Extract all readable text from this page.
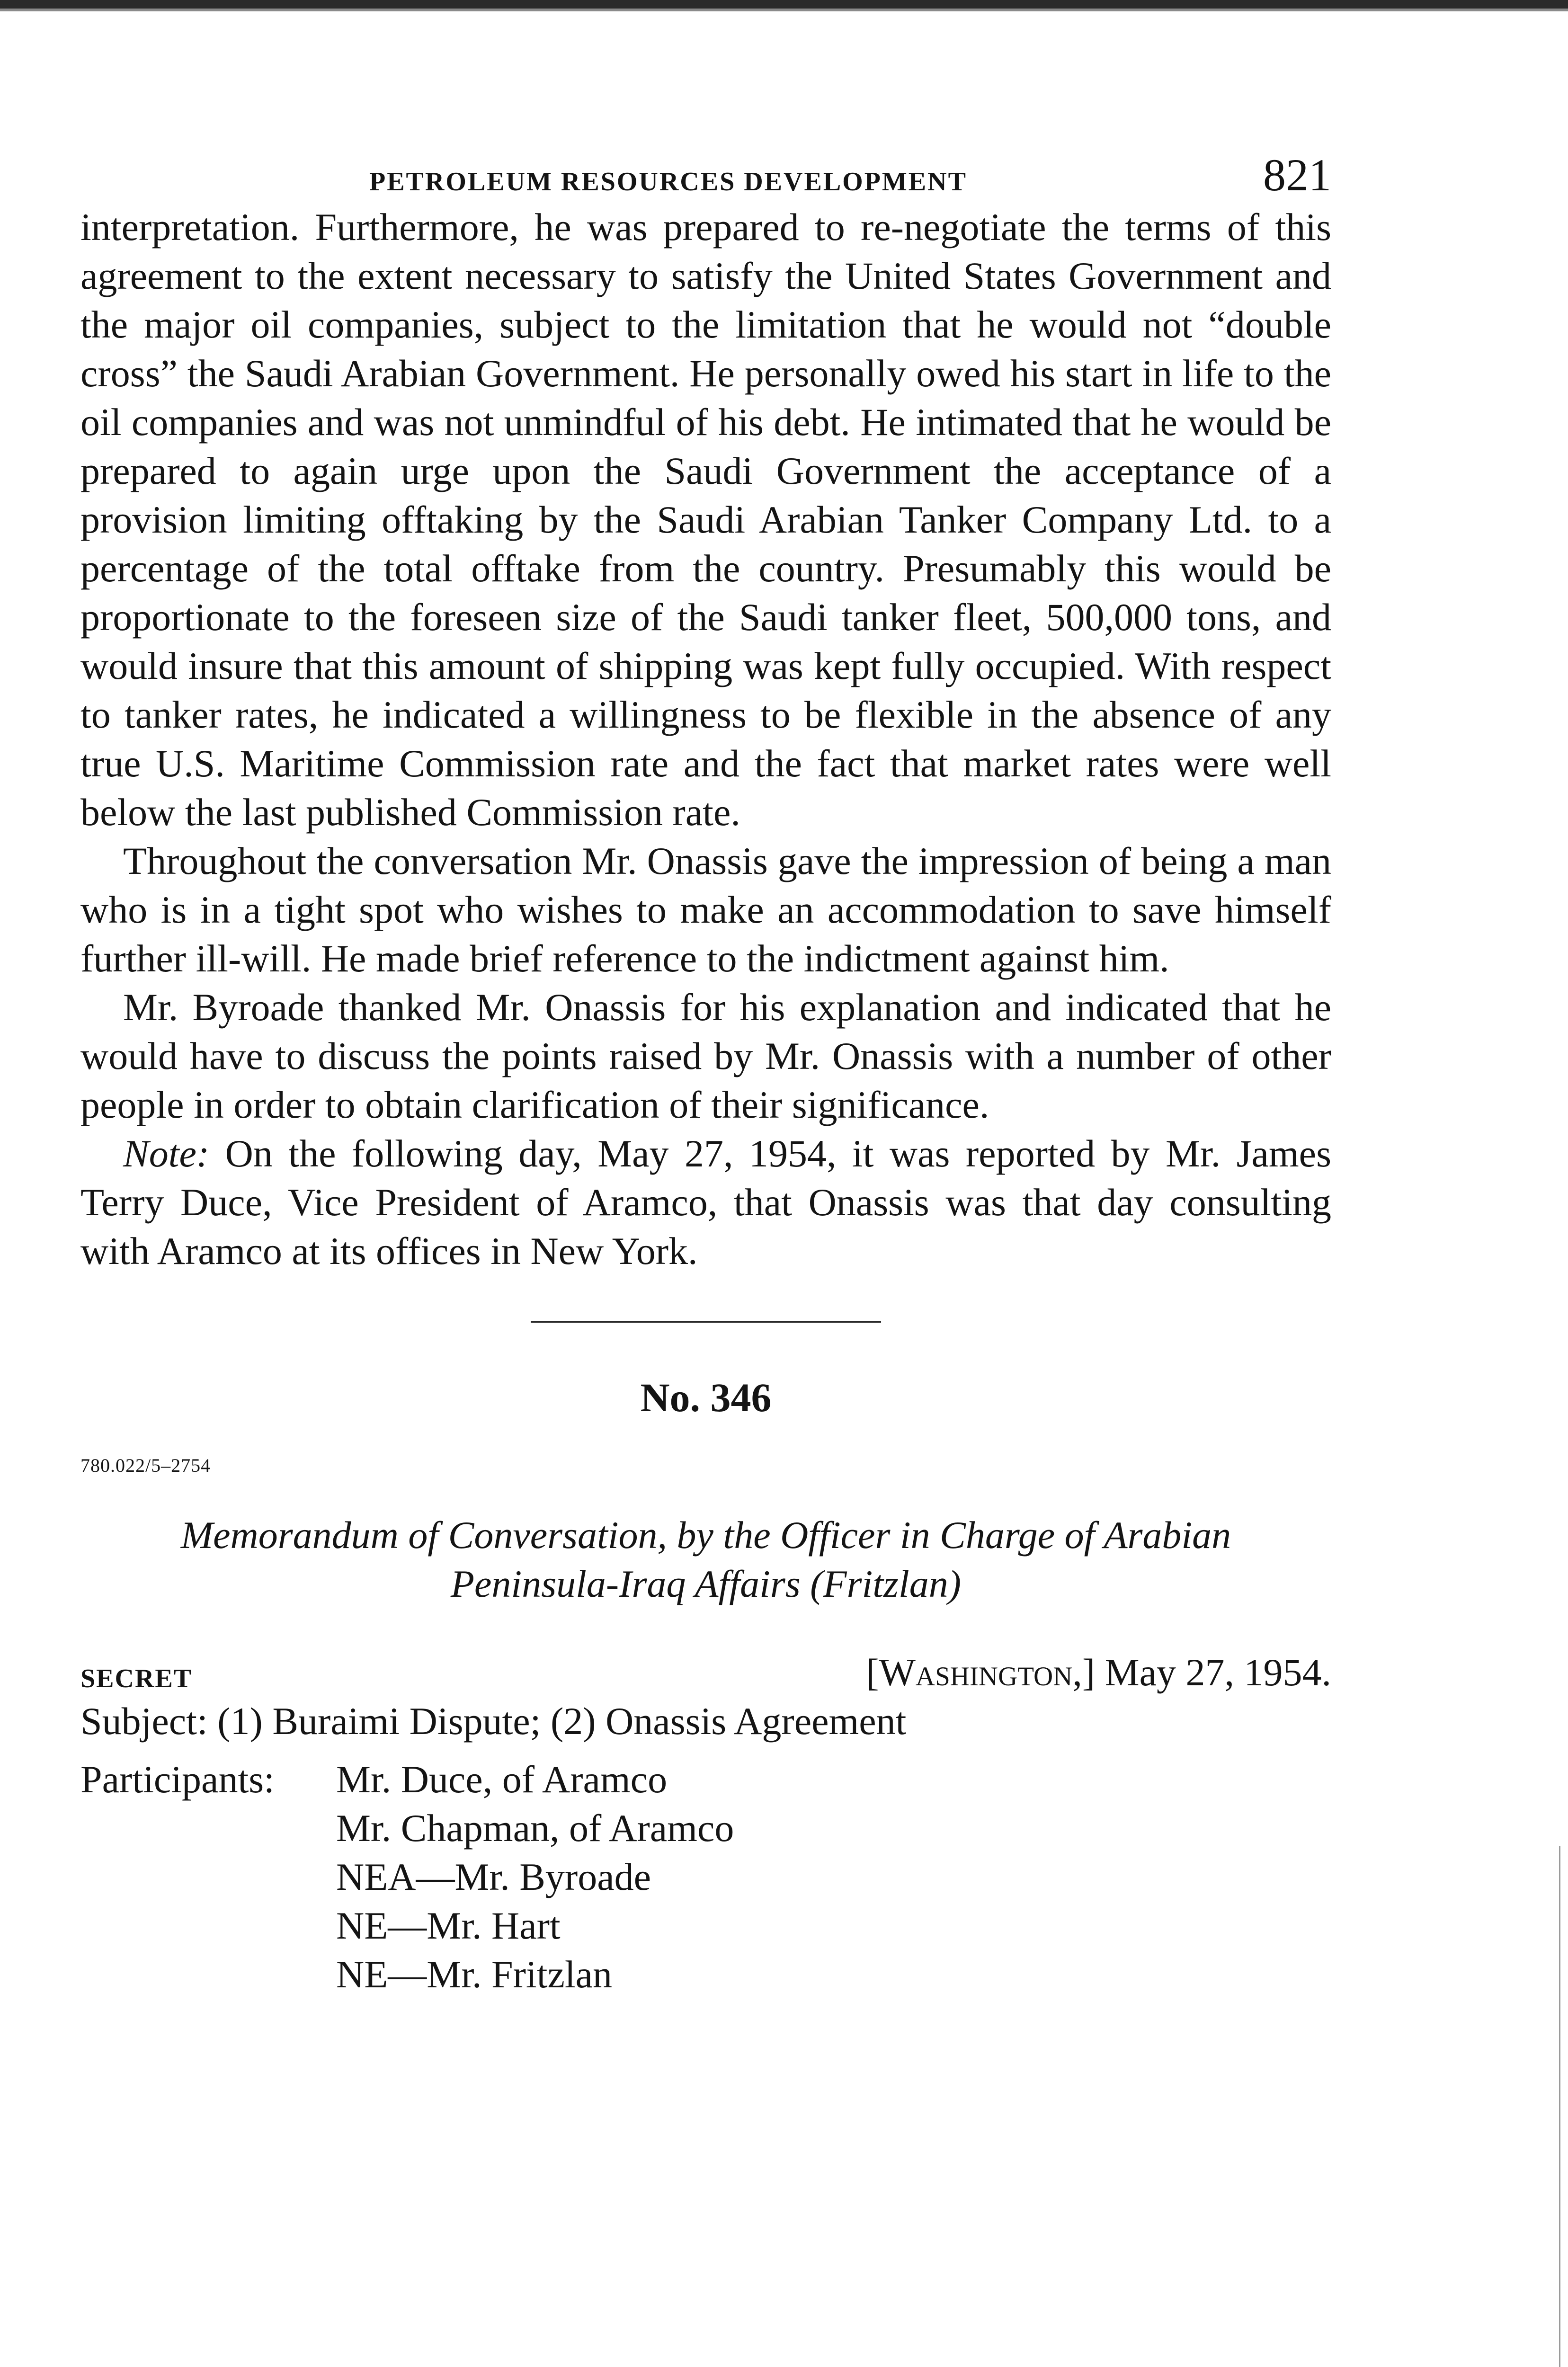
PETROLEUM RESOURCES DEVELOPMENT	821

interpretation. Furthermore, he was prepared to re-negotiate the terms of this agreement to the extent necessary to satisfy the United States Government and the major oil companies, subject to the limitation that he would not “double cross” the Saudi Arabian Government. He personally owed his start in life to the oil companies and was not unmindful of his debt. He intimated that he would be prepared to again urge upon the Saudi Government the acceptance of a provision limiting offtaking by the Saudi Arabian Tanker Company Ltd. to a percentage of the total offtake from the country. Presumably this would be proportionate to the foreseen size of the Saudi tanker fleet, 500,000 tons, and would insure that this amount of shipping was kept fully occupied. With respect to tanker rates, he indicated a willingness to be flexible in the absence of any true U.S. Maritime Commission rate and the fact that market rates were well below the last published Commission rate.

Throughout the conversation Mr. Onassis gave the impression of being a man who is in a tight spot who wishes to make an accommodation to save himself further ill-will. He made brief reference to the indictment against him.

Mr. Byroade thanked Mr. Onassis for his explanation and indicated that he would have to discuss the points raised by Mr. Onassis with a number of other people in order to obtain clarification of their significance.

Note: On the following day, May 27, 1954, it was reported by Mr. James Terry Duce, Vice President of Aramco, that Onassis was that day consulting with Aramco at its offices in New York.

No. 346
780.022/5–2754
Memorandum of Conversation, by the Officer in Charge of Arabian
Peninsula-Iraq Affairs (Fritzlan)
SECRET	[Washington,] May 27, 1954.
Subject: (1) Buraimi Dispute; (2) Onassis Agreement
Participants: Mr. Duce, of Aramco
Mr. Chapman, of Aramco
NEA—Mr. Byroade
NE—Mr. Hart
NE—Mr. Fritzlan
